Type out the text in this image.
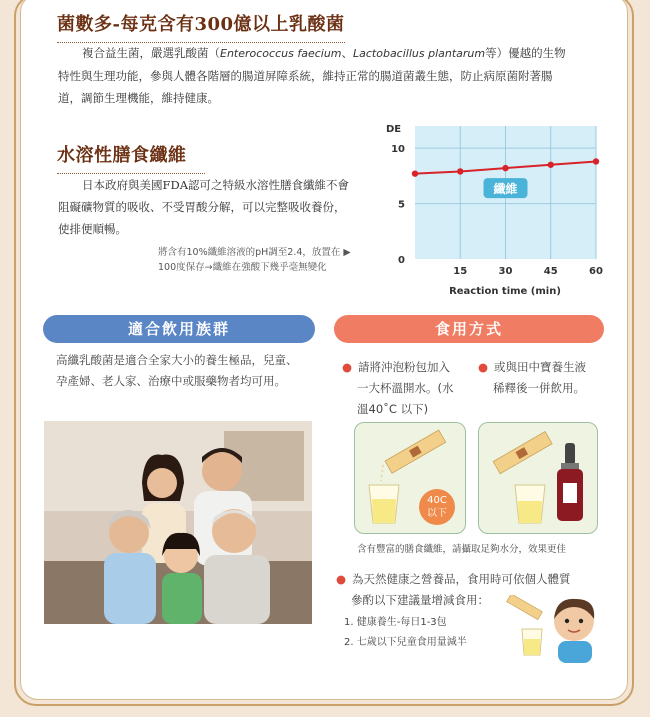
菌數多-每克含有300億以上乳酸菌
複合益生菌，嚴選乳酸菌（Enterococcus faecium、Lactobacillus plantarum等）優越的生物
特性與生理功能，參與人體各階層的腸道屏障系統，維持正常的腸道菌叢生態，防止病原菌附著腸
道，調節生理機能，維持健康。
水溶性膳食纖維
日本政府與美國FDA認可之特級水溶性膳食纖維不會
阻礙礦物質的吸收、不受胃酸分解，可以完整吸收養份，
使排便順暢。
將含有10%纖維溶液的pH調至2.4，放置在 ▶
100度保存→纖維在強酸下幾乎毫無變化	15	30	45	60
0
5
10
DE
Reaction time (min)
纖維
適合飲用族群
高纖乳酸菌是適合全家大小的養生極品，兒童、
孕產婦、老人家、治療中或服藥物者均可用。
食用方式
● 請將沖泡粉包加入
一大杯溫開水。(水
溫40˚C 以下)
● 或與田中寶養生液
稀釋後一併飲用。
40C
以下
含有豐富的膳食纖維，請攝取足夠水分，效果更佳
● 為天然健康之營養品，食用時可依個人體質
參酌以下建議量增減食用：
1. 健康養生-每日1-3包
2. 七歲以下兒童食用量減半
